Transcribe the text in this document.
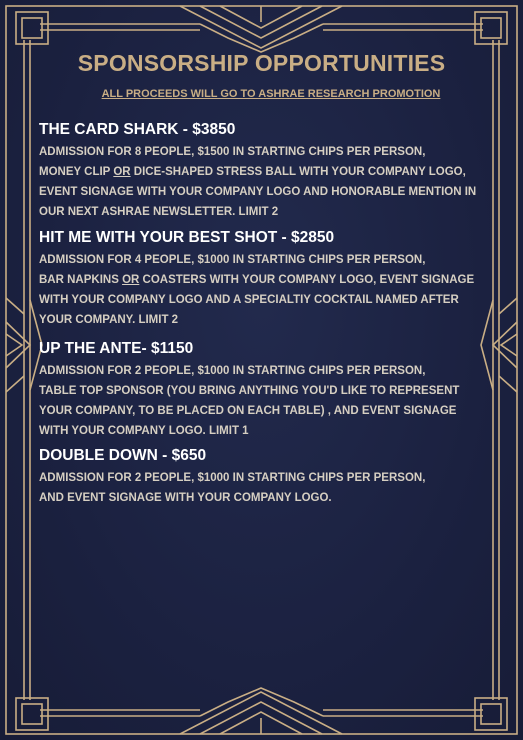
SPONSORSHIP OPPORTUNITIES
ALL PROCEEDS WILL GO TO ASHRAE RESEARCH PROMOTION
THE CARD SHARK - $3850
ADMISSION FOR 8 PEOPLE, $1500 IN STARTING CHIPS PER PERSON,
MONEY CLIP OR DICE-SHAPED STRESS BALL WITH YOUR COMPANY LOGO,
EVENT SIGNAGE WITH YOUR COMPANY LOGO AND HONORABLE MENTION IN
OUR NEXT ASHRAE NEWSLETTER. LIMIT 2
HIT ME WITH YOUR BEST SHOT - $2850
ADMISSION FOR 4 PEOPLE, $1000 IN STARTING CHIPS PER PERSON,
BAR NAPKINS OR COASTERS WITH YOUR COMPANY LOGO, EVENT SIGNAGE
WITH YOUR COMPANY LOGO AND A SPECIALTIY COCKTAIL NAMED AFTER
YOUR COMPANY. LIMIT 2
UP THE ANTE- $1150
ADMISSION FOR 2 PEOPLE, $1000 IN STARTING CHIPS PER PERSON,
TABLE TOP SPONSOR (YOU BRING ANYTHING YOU'D LIKE TO REPRESENT
YOUR COMPANY, TO BE PLACED ON EACH TABLE) , AND EVENT SIGNAGE
WITH YOUR COMPANY LOGO. LIMIT 1
DOUBLE DOWN - $650
ADMISSION FOR 2 PEOPLE, $1000 IN STARTING CHIPS PER PERSON,
AND EVENT SIGNAGE WITH YOUR COMPANY LOGO.
